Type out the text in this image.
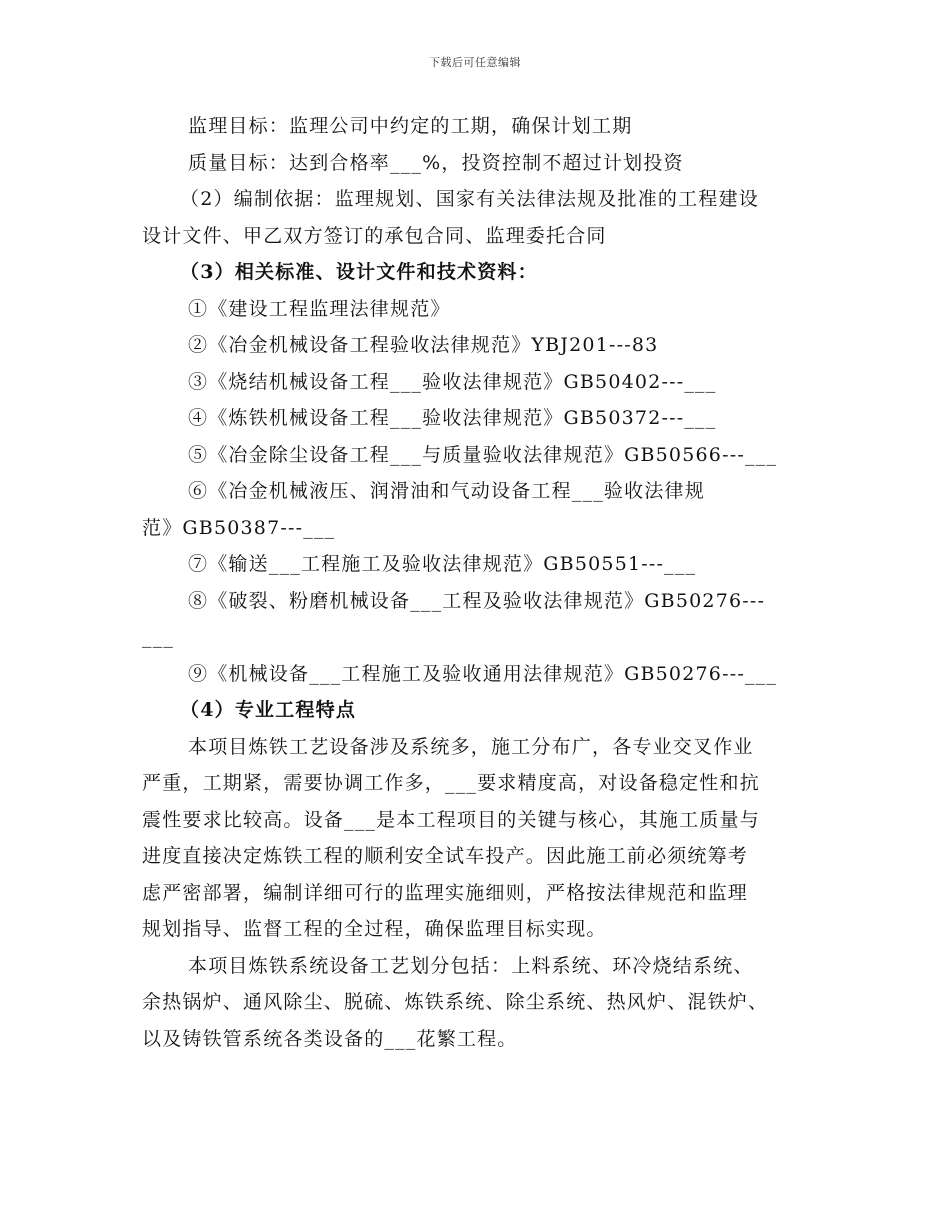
下载后可任意编辑
监理目标：监理公司中约定的工期，确保计划工期
质量目标：达到合格率___%，投资控制不超过计划投资
（2）编制依据：监理规划、国家有关法律法规及批准的工程建设
设计文件、甲乙双方签订的承包合同、监理委托合同
（3）相关标准、设计文件和技术资料：
①《建设工程监理法律规范》
②《冶金机械设备工程验收法律规范》YBJ201---83
③《烧结机械设备工程___验收法律规范》GB50402---___
④《炼铁机械设备工程___验收法律规范》GB50372---___
⑤《冶金除尘设备工程___与质量验收法律规范》GB50566---___
⑥《冶金机械液压、润滑油和气动设备工程___验收法律规
范》GB50387---___
⑦《输送___工程施工及验收法律规范》GB50551---___
⑧《破裂、粉磨机械设备___工程及验收法律规范》GB50276---
___
⑨《机械设备___工程施工及验收通用法律规范》GB50276---___
（4）专业工程特点
本项目炼铁工艺设备涉及系统多，施工分布广，各专业交叉作业
严重，工期紧，需要协调工作多，___要求精度高，对设备稳定性和抗
震性要求比较高。设备___是本工程项目的关键与核心，其施工质量与
进度直接决定炼铁工程的顺利安全试车投产。因此施工前必须统筹考
虑严密部署，编制详细可行的监理实施细则，严格按法律规范和监理
规划指导、监督工程的全过程，确保监理目标实现。
本项目炼铁系统设备工艺划分包括：上料系统、环冷烧结系统、
余热锅炉、通风除尘、脱硫、炼铁系统、除尘系统、热风炉、混铁炉、
以及铸铁管系统各类设备的___花繁工程。
